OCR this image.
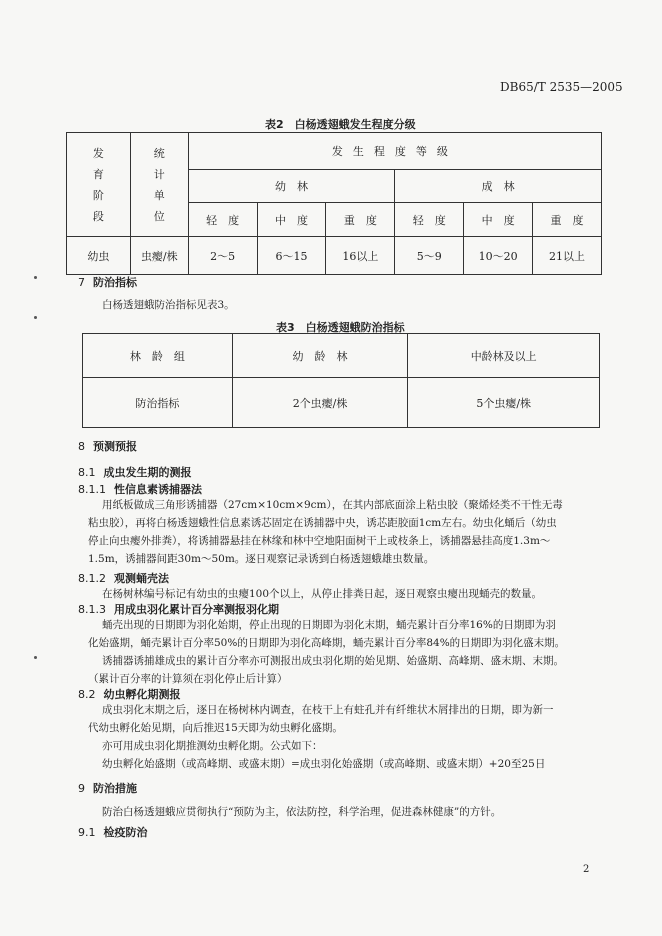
DB65/T 2535—2005
表2　白杨透翅蛾发生程度分级
发育阶段	统计单位	发生程度等级					
		幼　林			成　林		
		轻　度	中　度	重　度	轻　度	中　度	重　度
幼虫	虫瘿/株	2～5	6～15	16以上	5～9	10～20	21以上
7 防治指标
白杨透翅蛾防治指标见表3。
表3　白杨透翅蛾防治指标
林　龄　组	幼　龄　林	中龄林及以上
防治指标	2个虫瘿/株	5个虫瘿/株
8 预测预报
8.1 成虫发生期的测报
8.1.1 性信息素诱捕器法
用纸板做成三角形诱捕器（27cm×10cm×9cm），在其内部底面涂上粘虫胶（聚烯烃类不干性无毒
粘虫胶），再将白杨透翅蛾性信息素诱芯固定在诱捕器中央，诱芯距胶面1cm左右。幼虫化蛹后（幼虫
停止向虫瘿外排粪），将诱捕器悬挂在林缘和林中空地阳面树干上或枝条上，诱捕器悬挂高度1.3m～
1.5m，诱捕器间距30m～50m。逐日观察记录诱到白杨透翅蛾雄虫数量。
8.1.2 观测蛹壳法
在杨树林编号标记有幼虫的虫瘿100个以上，从停止排粪日起，逐日观察虫瘿出现蛹壳的数量。
8.1.3 用成虫羽化累计百分率测报羽化期
蛹壳出现的日期即为羽化始期，停止出现的日期即为羽化末期，蛹壳累计百分率16%的日期即为羽
化始盛期，蛹壳累计百分率50%的日期即为羽化高峰期，蛹壳累计百分率84%的日期即为羽化盛末期。
诱捕器诱捕雄成虫的累计百分率亦可测报出成虫羽化期的始见期、始盛期、高峰期、盛末期、末期。
（累计百分率的计算须在羽化停止后计算）
8.2 幼虫孵化期测报
成虫羽化末期之后，逐日在杨树林内调查，在枝干上有蛀孔并有纤维状木屑排出的日期，即为新一
代幼虫孵化始见期，向后推迟15天即为幼虫孵化盛期。
亦可用成虫羽化期推测幼虫孵化期。公式如下：
幼虫孵化始盛期（或高峰期、或盛末期）=成虫羽化始盛期（或高峰期、或盛末期）+20至25日
9 防治措施
防治白杨透翅蛾应贯彻执行“预防为主，依法防控，科学治理，促进森林健康”的方针。
9.1 检疫防治
2
